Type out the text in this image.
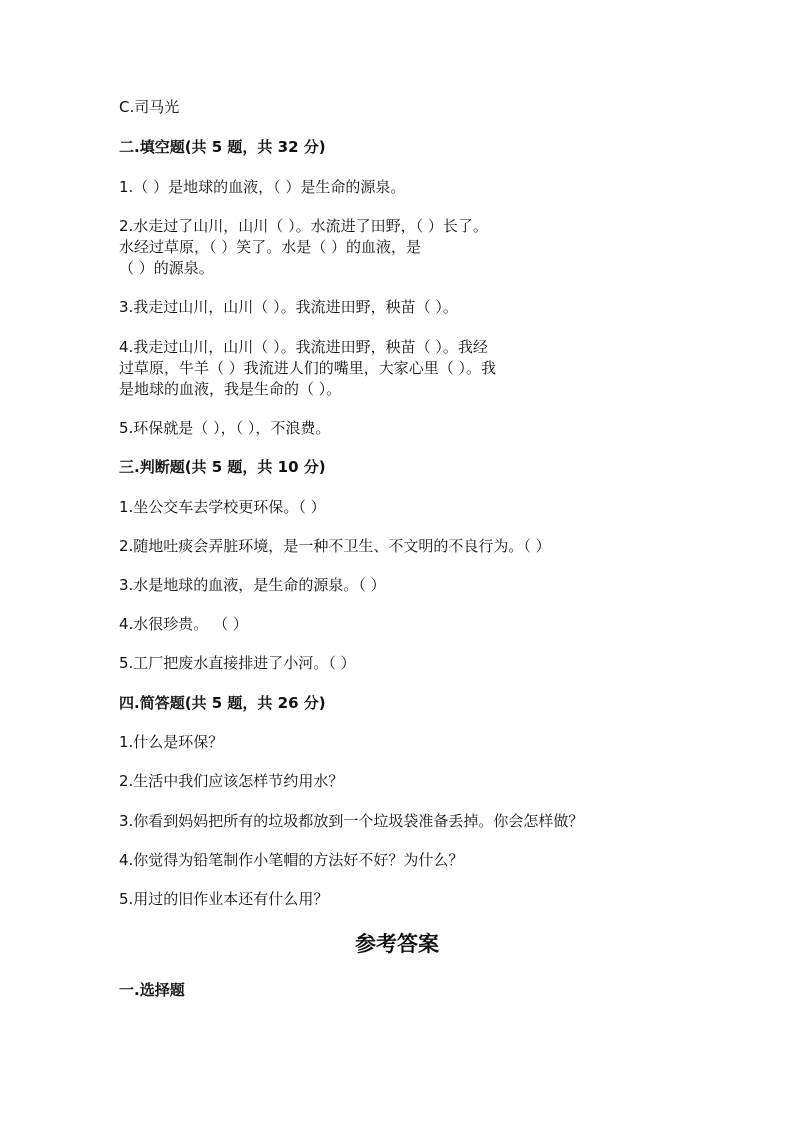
C.司马光
二.填空题(共 5 题，共 32 分)
1.（ ）是地球的血液，（ ）是生命的源泉。
2.水走过了山川，山川（ ）。水流进了田野，（ ）长了。
水经过草原，（ ）笑了。水是（ ）的血液，是
（ ）的源泉。
3.我走过山川，山川（ ）。我流进田野，秧苗（ ）。
4.我走过山川，山川（ ）。我流进田野，秧苗（ ）。我经
过草原，牛羊（ ）我流进人们的嘴里，大家心里（ ）。我
是地球的血液，我是生命的（ ）。
5.环保就是（ ），（ ），不浪费。
三.判断题(共 5 题，共 10 分)
1.坐公交车去学校更环保。（ ）
2.随地吐痰会弄脏环境，是一种不卫生、不文明的不良行为。（ ）
3.水是地球的血液，是生命的源泉。（ ）
4.水很珍贵。 （ ）
5.工厂把废水直接排进了小河。（ ）
四.简答题(共 5 题，共 26 分)
1.什么是环保？
2.生活中我们应该怎样节约用水？
3.你看到妈妈把所有的垃圾都放到一个垃圾袋准备丢掉。你会怎样做？
4.你觉得为铅笔制作小笔帽的方法好不好？为什么？
5.用过的旧作业本还有什么用？
参考答案
一.选择题
